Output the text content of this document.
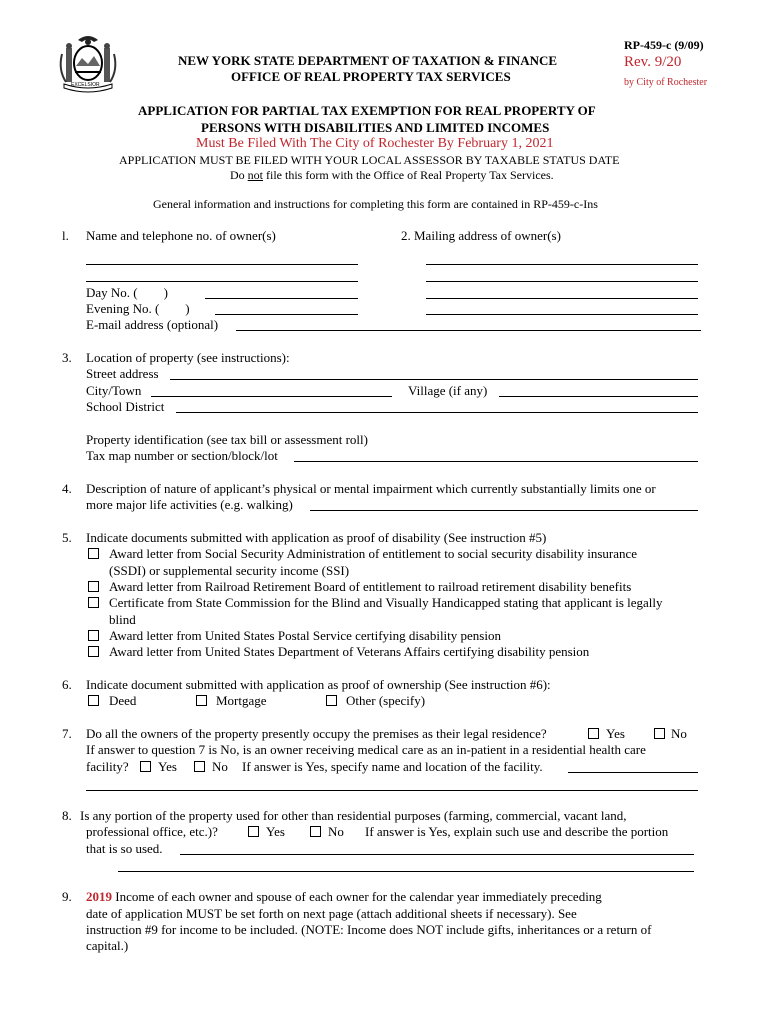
EXCELSIOR
NEW YORK STATE DEPARTMENT OF TAXATION & FINANCE
OFFICE OF REAL PROPERTY TAX SERVICES
RP-459-c (9/09)
Rev. 9/20
by City of Rochester
APPLICATION FOR PARTIAL TAX EXEMPTION FOR REAL PROPERTY OF
PERSONS WITH DISABILITIES AND LIMITED INCOMES
Must Be Filed With The City of Rochester By February 1, 2021
APPLICATION MUST BE FILED WITH YOUR LOCAL ASSESSOR BY TAXABLE STATUS DATE
Do not file this form with the Office of Real Property Tax Services.
General information and instructions for completing this form are contained in RP-459-c-Ins
l. Name and telephone no. of owner(s)	2. Mailing address of owner(s)
Day No. (        )
Evening No. (        )
E-mail address (optional)
3. Location of property (see instructions):
Street address
City/Town	Village (if any)
School District
Property identification (see tax bill or assessment roll)
Tax map number or section/block/lot
4. Description of nature of applicant’s physical or mental impairment which currently substantially limits one or
more major life activities (e.g. walking)
5. Indicate documents submitted with application as proof of disability (See instruction #5)
Award letter from Social Security Administration of entitlement to social security disability insurance
(SSDI) or supplemental security income (SSI)
Award letter from Railroad Retirement Board of entitlement to railroad retirement disability benefits
Certificate from State Commission for the Blind and Visually Handicapped stating that applicant is legally
blind
Award letter from United States Postal Service certifying disability pension
Award letter from United States Department of Veterans Affairs certifying disability pension
6. Indicate document submitted with application as proof of ownership (See instruction #6):
Deed	Mortgage	Other (specify)
7. Do all the owners of the property presently occupy the premises as their legal residence?	Yes	No
If answer to question 7 is No, is an owner receiving medical care as an in-patient in a residential health care
facility? Yes	No If answer is Yes, specify name and location of the facility.
8. Is any portion of the property used for other than residential purposes (farming, commercial, vacant land,
professional office, etc.)?	Yes	No If answer is Yes, explain such use and describe the portion
that is so used.
9. 2019 Income of each owner and spouse of each owner for the calendar year immediately preceding
date of application MUST be set forth on next page (attach additional sheets if necessary). See
instruction #9 for income to be included. (NOTE: Income does NOT include gifts, inheritances or a return of
capital.)
